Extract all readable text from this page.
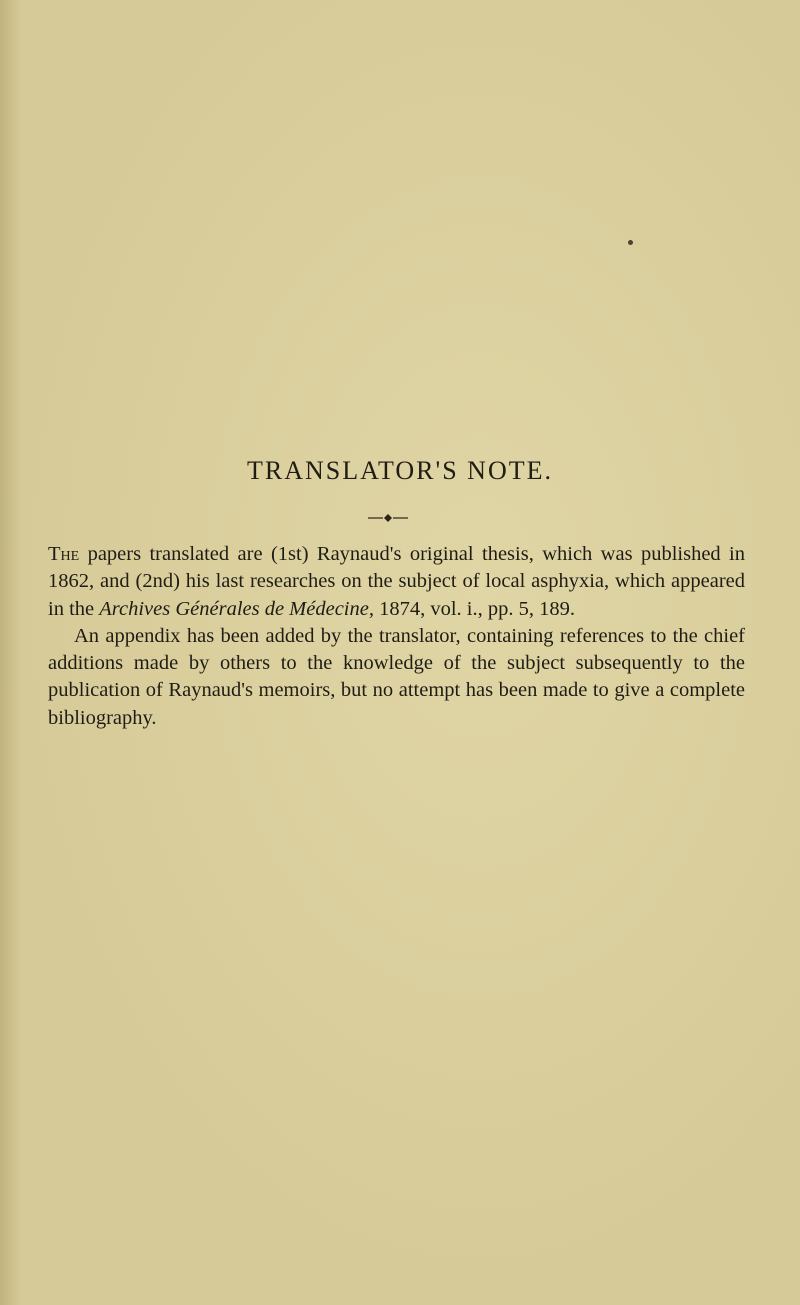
TRANSLATOR'S NOTE.

The papers translated are (1st) Raynaud's original thesis, which was published in 1862, and (2nd) his last researches on the subject of local asphyxia, which appeared in the Archives Générales de Médecine, 1874, vol. i., pp. 5, 189.

An appendix has been added by the translator, containing references to the chief additions made by others to the knowledge of the subject subsequently to the publication of Raynaud's memoirs, but no attempt has been made to give a complete bibliography.
